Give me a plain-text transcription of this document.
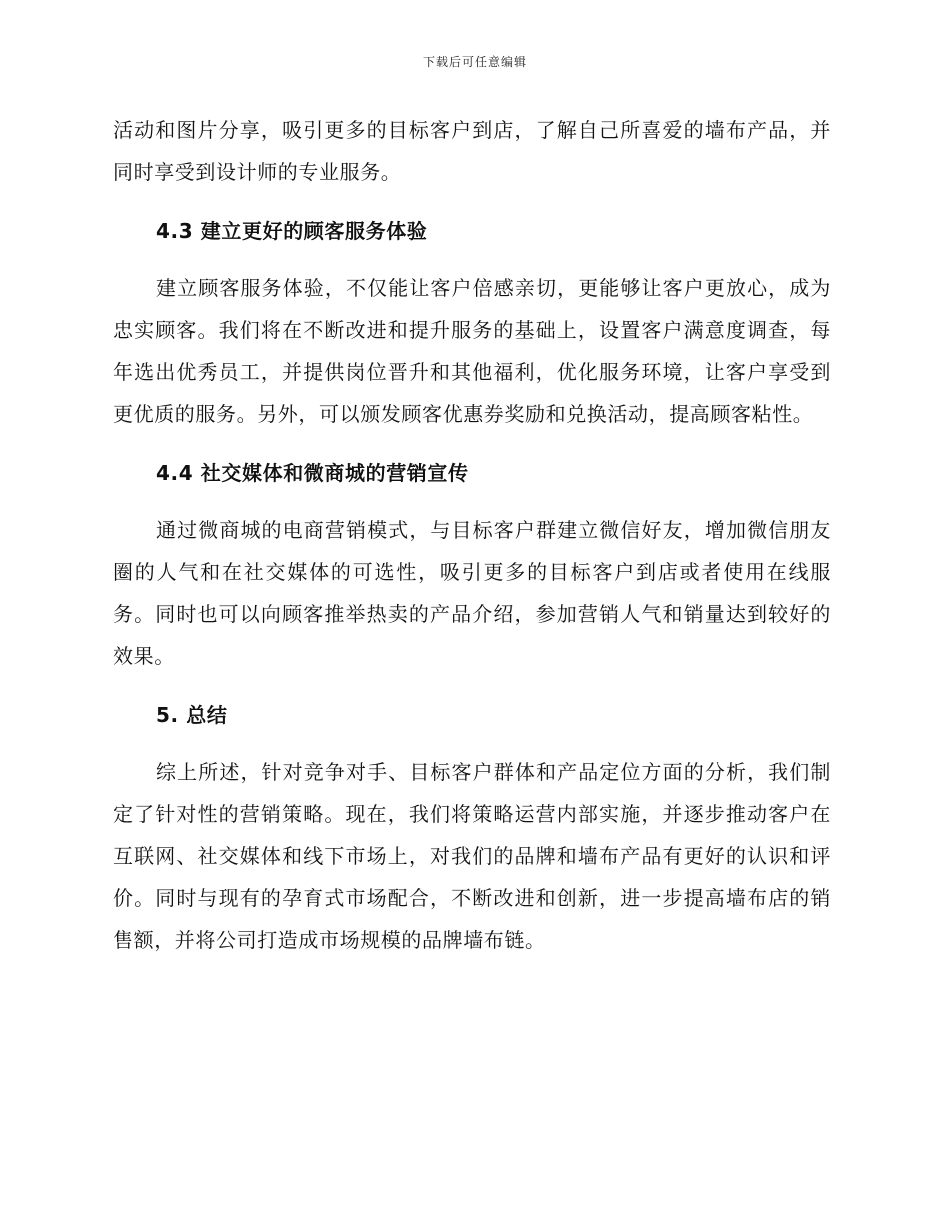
下载后可任意编辑

活动和图片分享，吸引更多的目标客户到店，了解自己所喜爱的墙布产品，并同时享受到设计师的专业服务。

4.3 建立更好的顾客服务体验

建立顾客服务体验，不仅能让客户倍感亲切，更能够让客户更放心，成为忠实顾客。我们将在不断改进和提升服务的基础上，设置客户满意度调查，每年选出优秀员工，并提供岗位晋升和其他福利，优化服务环境，让客户享受到更优质的服务。另外，可以颁发顾客优惠券奖励和兑换活动，提高顾客粘性。

4.4 社交媒体和微商城的营销宣传

通过微商城的电商营销模式，与目标客户群建立微信好友，增加微信朋友圈的人气和在社交媒体的可选性，吸引更多的目标客户到店或者使用在线服务。同时也可以向顾客推举热卖的产品介绍，参加营销人气和销量达到较好的效果。

5. 总结

综上所述，针对竞争对手、目标客户群体和产品定位方面的分析，我们制定了针对性的营销策略。现在，我们将策略运营内部实施，并逐步推动客户在互联网、社交媒体和线下市场上，对我们的品牌和墙布产品有更好的认识和评价。同时与现有的孕育式市场配合，不断改进和创新，进一步提高墙布店的销售额，并将公司打造成市场规模的品牌墙布链。
